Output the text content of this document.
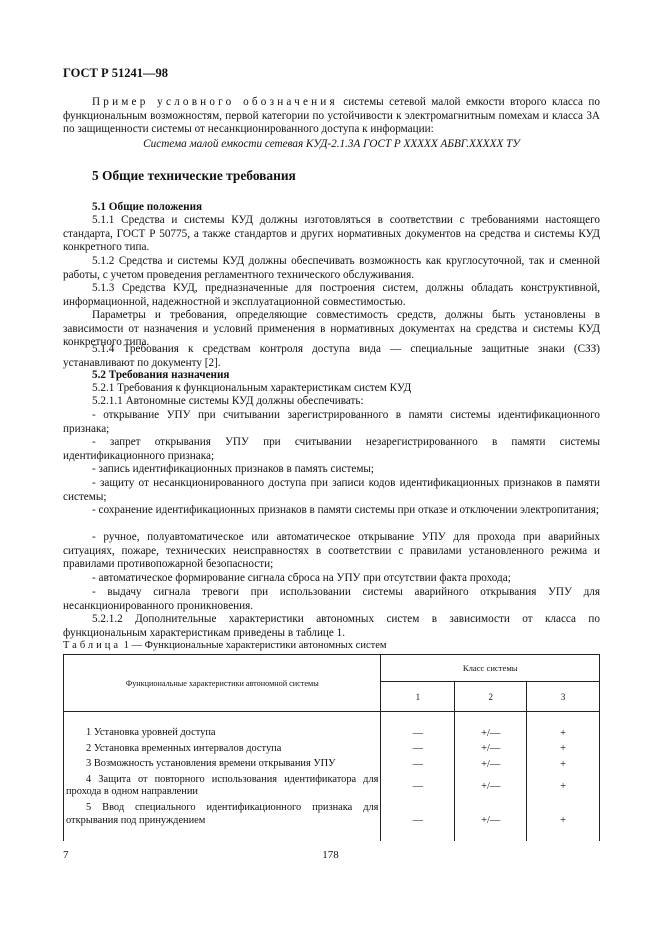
ГОСТ Р 51241—98

Пример условного обозначения системы сетевой малой емкости второго класса по функциональным возможностям, первой категории по устойчивости к электромагнитным помехам и класса 3А по защищенности системы от несанкционированного доступа к информации:

Система малой емкости сетевая КУД-2.1.3А ГОСТ Р XXXXX АБВГ.XXXXX ТУ
5 Общие технические требования

5.1 Общие положения

5.1.1 Средства и системы КУД должны изготовляться в соответствии с требованиями настоящего стандарта, ГОСТ Р 50775, а также стандартов и других нормативных документов на средства и системы КУД конкретного типа.

5.1.2 Средства и системы КУД должны обеспечивать возможность как круглосуточной, так и сменной работы, с учетом проведения регламентного технического обслуживания.

5.1.3 Средства КУД, предназначенные для построения систем, должны обладать конструктивной, информационной, надежностной и эксплуатационной совместимостью.

Параметры и требования, определяющие совместимость средств, должны быть установлены в зависимости от назначения и условий применения в нормативных документах на средства и системы КУД конкретного типа.

5.1.4 Требования к средствам контроля доступа вида — специальные защитные знаки (СЗЗ) устанавливают по документу [2].

5.2 Требования назначения

5.2.1 Требования к функциональным характеристикам систем КУД

5.2.1.1 Автономные системы КУД должны обеспечивать:

- открывание УПУ при считывании зарегистрированного в памяти системы идентификационного признака;

- запрет открывания УПУ при считывании незарегистрированного в памяти системы идентификационного признака;

- запись идентификационных признаков в память системы;

- защиту от несанкционированного доступа при записи кодов идентификационных признаков в памяти системы;

- сохранение идентификационных признаков в памяти системы при отказе и отключении электропитания;

- ручное, полуавтоматическое или автоматическое открывание УПУ для прохода при аварийных ситуациях, пожаре, технических неисправностях в соответствии с правилами установленного режима и правилами противопожарной безопасности;

- автоматическое формирование сигнала сброса на УПУ при отсутствии факта прохода;

- выдачу сигнала тревоги при использовании системы аварийного открывания УПУ для несанкционированного проникновения.

5.2.1.2 Дополнительные характеристики автономных систем в зависимости от класса по функциональным характеристикам приведены в таблице 1.

Таблица 1 — Функциональные характеристики автономных систем
Функциональные характеристики автономной системы	Класс системы		
	1	2	3

1 Установка уровней доступа	—	+/—	+
2 Установка временных интервалов доступа	—	+/—	+
3 Возможность установления времени открывания УПУ	—	+/—	+
4 Защита от повторного использования идентификатора для прохода в одном направлении	—	+/—	+
5 Ввод специального идентификационного признака для открывания под принуждением	—	+/—	+
7	178
